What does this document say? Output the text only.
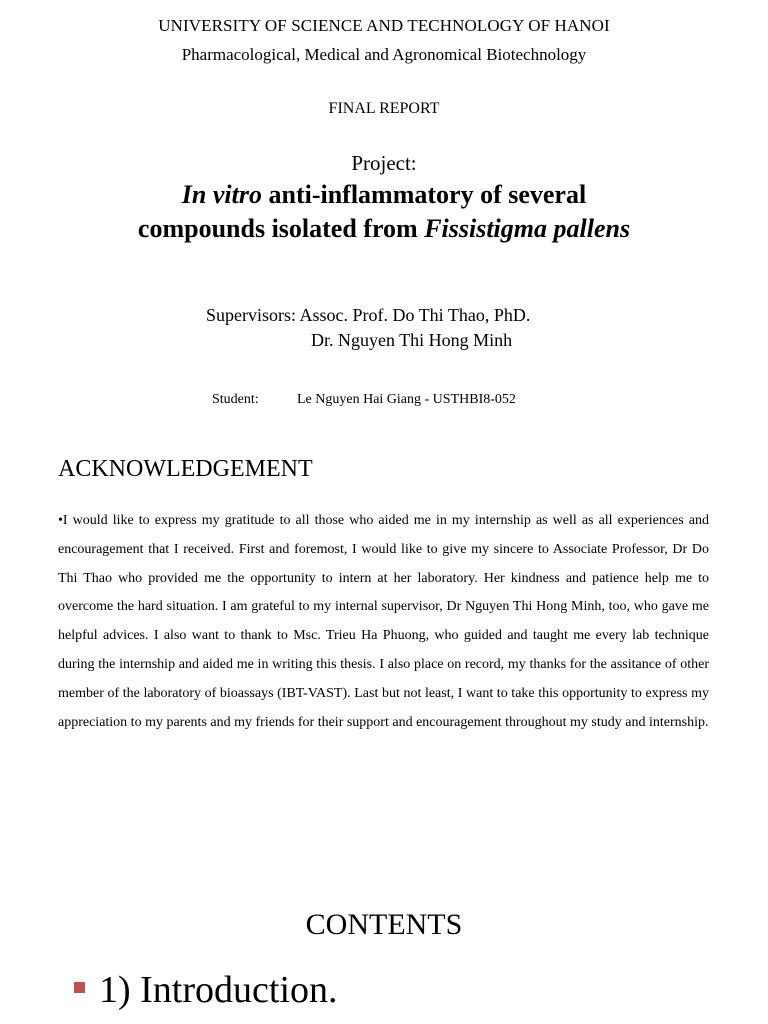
UNIVERSITY OF SCIENCE AND TECHNOLOGY OF HANOI
Pharmacological, Medical and Agronomical Biotechnology
FINAL REPORT
Project:
In vitro anti-inflammatory of several compounds isolated from Fissistigma pallens
Supervisors: Assoc. Prof. Do Thi Thao, PhD.
Dr. Nguyen Thi Hong Minh
Student:	Le Nguyen Hai Giang - USTHBI8-052
ACKNOWLEDGEMENT
•I would like to express my gratitude to all those who aided me in my internship as well as all experiences and encouragement that I received. First and foremost, I would like to give my sincere to Associate Professor, Dr Do Thi Thao who provided me the opportunity to intern at her laboratory. Her kindness and patience help me to overcome the hard situation. I am grateful to my internal supervisor, Dr Nguyen Thi Hong Minh, too, who gave me helpful advices. I also want to thank to Msc. Trieu Ha Phuong, who guided and taught me every lab technique during the internship and aided me in writing this thesis. I also place on record, my thanks for the assitance of other member of the laboratory of bioassays (IBT-VAST). Last but not least, I want to take this opportunity to express my appreciation to my parents and my friends for their support and encouragement throughout my study and internship.
CONTENTS
1) Introduction.
